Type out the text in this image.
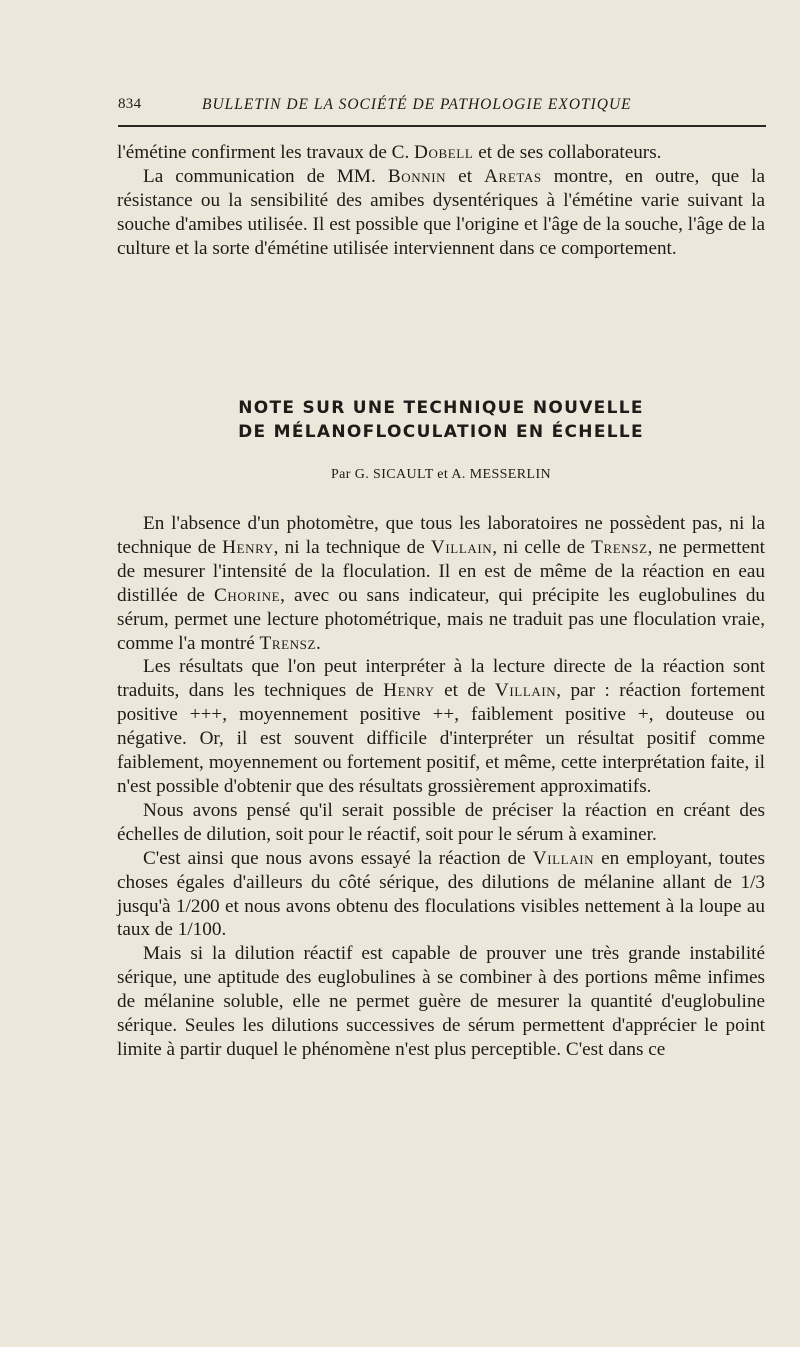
834	BULLETIN DE LA SOCIÉTÉ DE PATHOLOGIE EXOTIQUE

l'émétine confirment les travaux de C. Dobell et de ses collaborateurs.

La communication de MM. Bonnin et Aretas montre, en outre, que la résistance ou la sensibilité des amibes dysentériques à l'émétine varie suivant la souche d'amibes utilisée. Il est possible que l'origine et l'âge de la souche, l'âge de la culture et la sorte d'émétine utilisée interviennent dans ce comportement.

NOTE SUR UNE TECHNIQUE NOUVELLE
DE MÉLANOFLOCULATION EN ÉCHELLE
Par G. SICAULT et A. MESSERLIN

En l'absence d'un photomètre, que tous les laboratoires ne possèdent pas, ni la technique de Henry, ni la technique de Villain, ni celle de Trensz, ne permettent de mesurer l'intensité de la floculation. Il en est de même de la réaction en eau distillée de Chorine, avec ou sans indicateur, qui précipite les euglobulines du sérum, permet une lecture photométrique, mais ne traduit pas une floculation vraie, comme l'a montré Trensz.

Les résultats que l'on peut interpréter à la lecture directe de la réaction sont traduits, dans les techniques de Henry et de Villain, par : réaction fortement positive +++, moyennement positive ++, faiblement positive +, douteuse ou négative. Or, il est souvent difficile d'interpréter un résultat positif comme faiblement, moyennement ou fortement positif, et même, cette interprétation faite, il n'est possible d'obtenir que des résultats grossièrement approximatifs.

Nous avons pensé qu'il serait possible de préciser la réaction en créant des échelles de dilution, soit pour le réactif, soit pour le sérum à examiner.

C'est ainsi que nous avons essayé la réaction de Villain en employant, toutes choses égales d'ailleurs du côté sérique, des dilutions de mélanine allant de 1/3 jusqu'à 1/200 et nous avons obtenu des floculations visibles nettement à la loupe au taux de 1/100.

Mais si la dilution réactif est capable de prouver une très grande instabilité sérique, une aptitude des euglobulines à se combiner à des portions même infimes de mélanine soluble, elle ne permet guère de mesurer la quantité d'euglobuline sérique. Seules les dilutions successives de sérum permettent d'apprécier le point limite à partir duquel le phénomène n'est plus perceptible. C'est dans ce
